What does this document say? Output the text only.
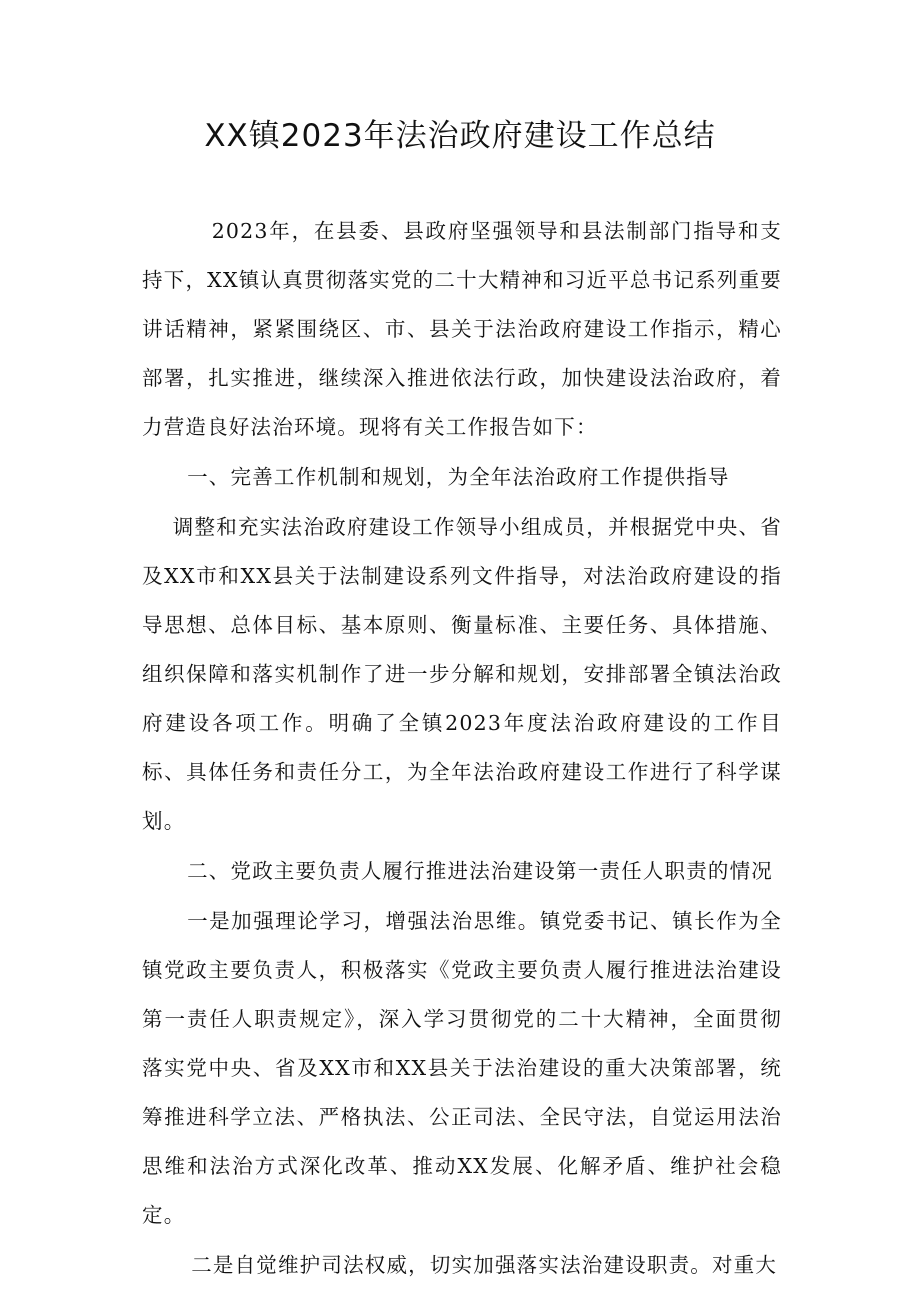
XX镇2023年法治政府建设工作总结

2023年，在县委、县政府坚强领导和县法制部门指导和支持下，XX镇认真贯彻落实党的二十大精神和习近平总书记系列重要讲话精神，紧紧围绕区、市、县关于法治政府建设工作指示，精心部署，扎实推进，继续深入推进依法行政，加快建设法治政府，着力营造良好法治环境。现将有关工作报告如下：

一、完善工作机制和规划，为全年法治政府工作提供指导

调整和充实法治政府建设工作领导小组成员，并根据党中央、省及XX市和XX县关于法制建设系列文件指导，对法治政府建设的指导思想、总体目标、基本原则、衡量标准、主要任务、具体措施、组织保障和落实机制作了进一步分解和规划，安排部署全镇法治政府建设各项工作。明确了全镇2023年度法治政府建设的工作目标、具体任务和责任分工，为全年法治政府建设工作进行了科学谋划。

二、党政主要负责人履行推进法治建设第一责任人职责的情况

一是加强理论学习，增强法治思维。镇党委书记、镇长作为全镇党政主要负责人，积极落实《党政主要负责人履行推进法治建设第一责任人职责规定》，深入学习贯彻党的二十大精神，全面贯彻落实党中央、省及XX市和XX县关于法治建设的重大决策部署，统筹推进科学立法、严格执法、公正司法、全民守法，自觉运用法治思维和法治方式深化改革、推动XX发展、化解矛盾、维护社会稳定。

二是自觉维护司法权威，切实加强落实法治建设职责。对重大
